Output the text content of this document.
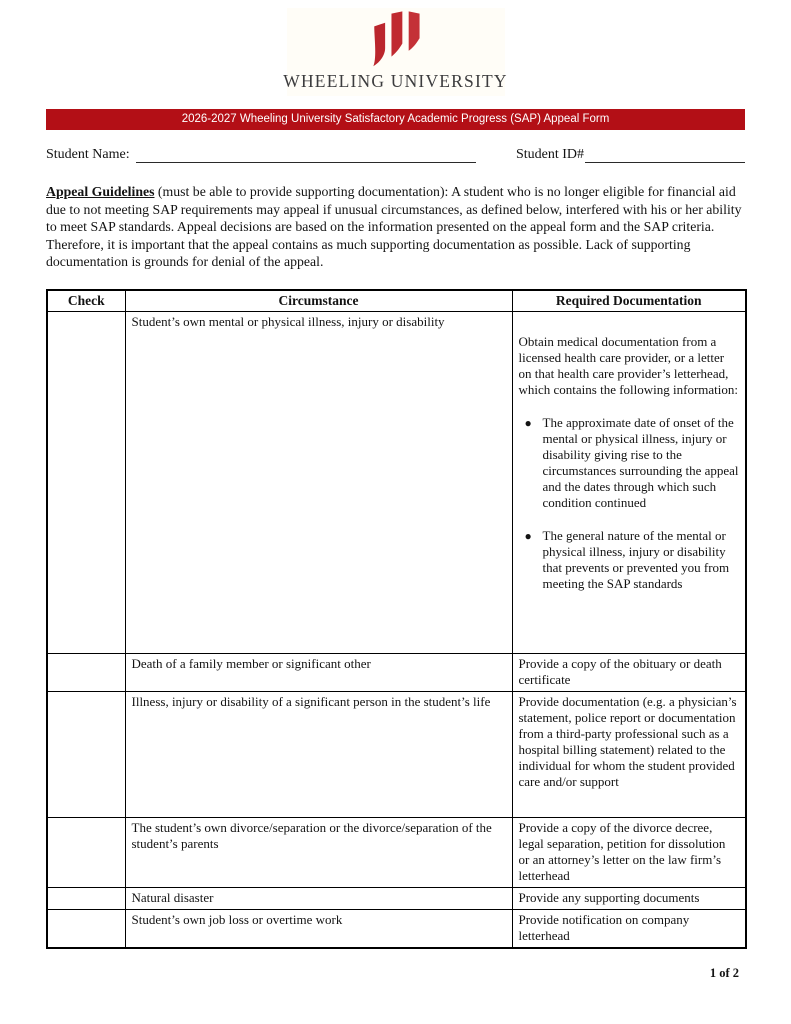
WHEELING UNIVERSITY
2026-2027 Wheeling University Satisfactory Academic Progress (SAP) Appeal Form
Student Name:	Student ID#

Appeal Guidelines (must be able to provide supporting documentation): A student who is no longer eligible for financial aid due to not meeting SAP requirements may appeal if unusual circumstances, as defined below, interfered with his or her ability to meet SAP standards. Appeal decisions are based on the information presented on the appeal form and the SAP criteria. Therefore, it is important that the appeal contains as much supporting documentation as possible. Lack of supporting documentation is grounds for denial of the appeal.

Check	Circumstance	Required Documentation
	Student’s own mental or physical illness, injury or disability	Obtain medical documentation from a licensed health care provider, or a letter on that health care provider’s letterhead, which contains the following information:

● The approximate date of onset of the mental or physical illness, injury or disability giving rise to the circumstances surrounding the appeal and the dates through which such condition continued
● The general nature of the mental or physical illness, injury or disability that prevents or prevented you from meeting the SAP standards

	Death of a family member or significant other	Provide a copy of the obituary or death certificate
	Illness, injury or disability of a significant person in the student’s life	Provide documentation (e.g. a physician’s statement, police report or documentation from a third-party professional such as a hospital billing statement) related to the individual for whom the student provided care and/or support
	The student’s own divorce/separation or the divorce/separation of the student’s parents	Provide a copy of the divorce decree, legal separation, petition for dissolution or an attorney’s letter on the law firm’s letterhead
	Natural disaster	Provide any supporting documents
	Student’s own job loss or overtime work	Provide notification on company letterhead
1 of 2
